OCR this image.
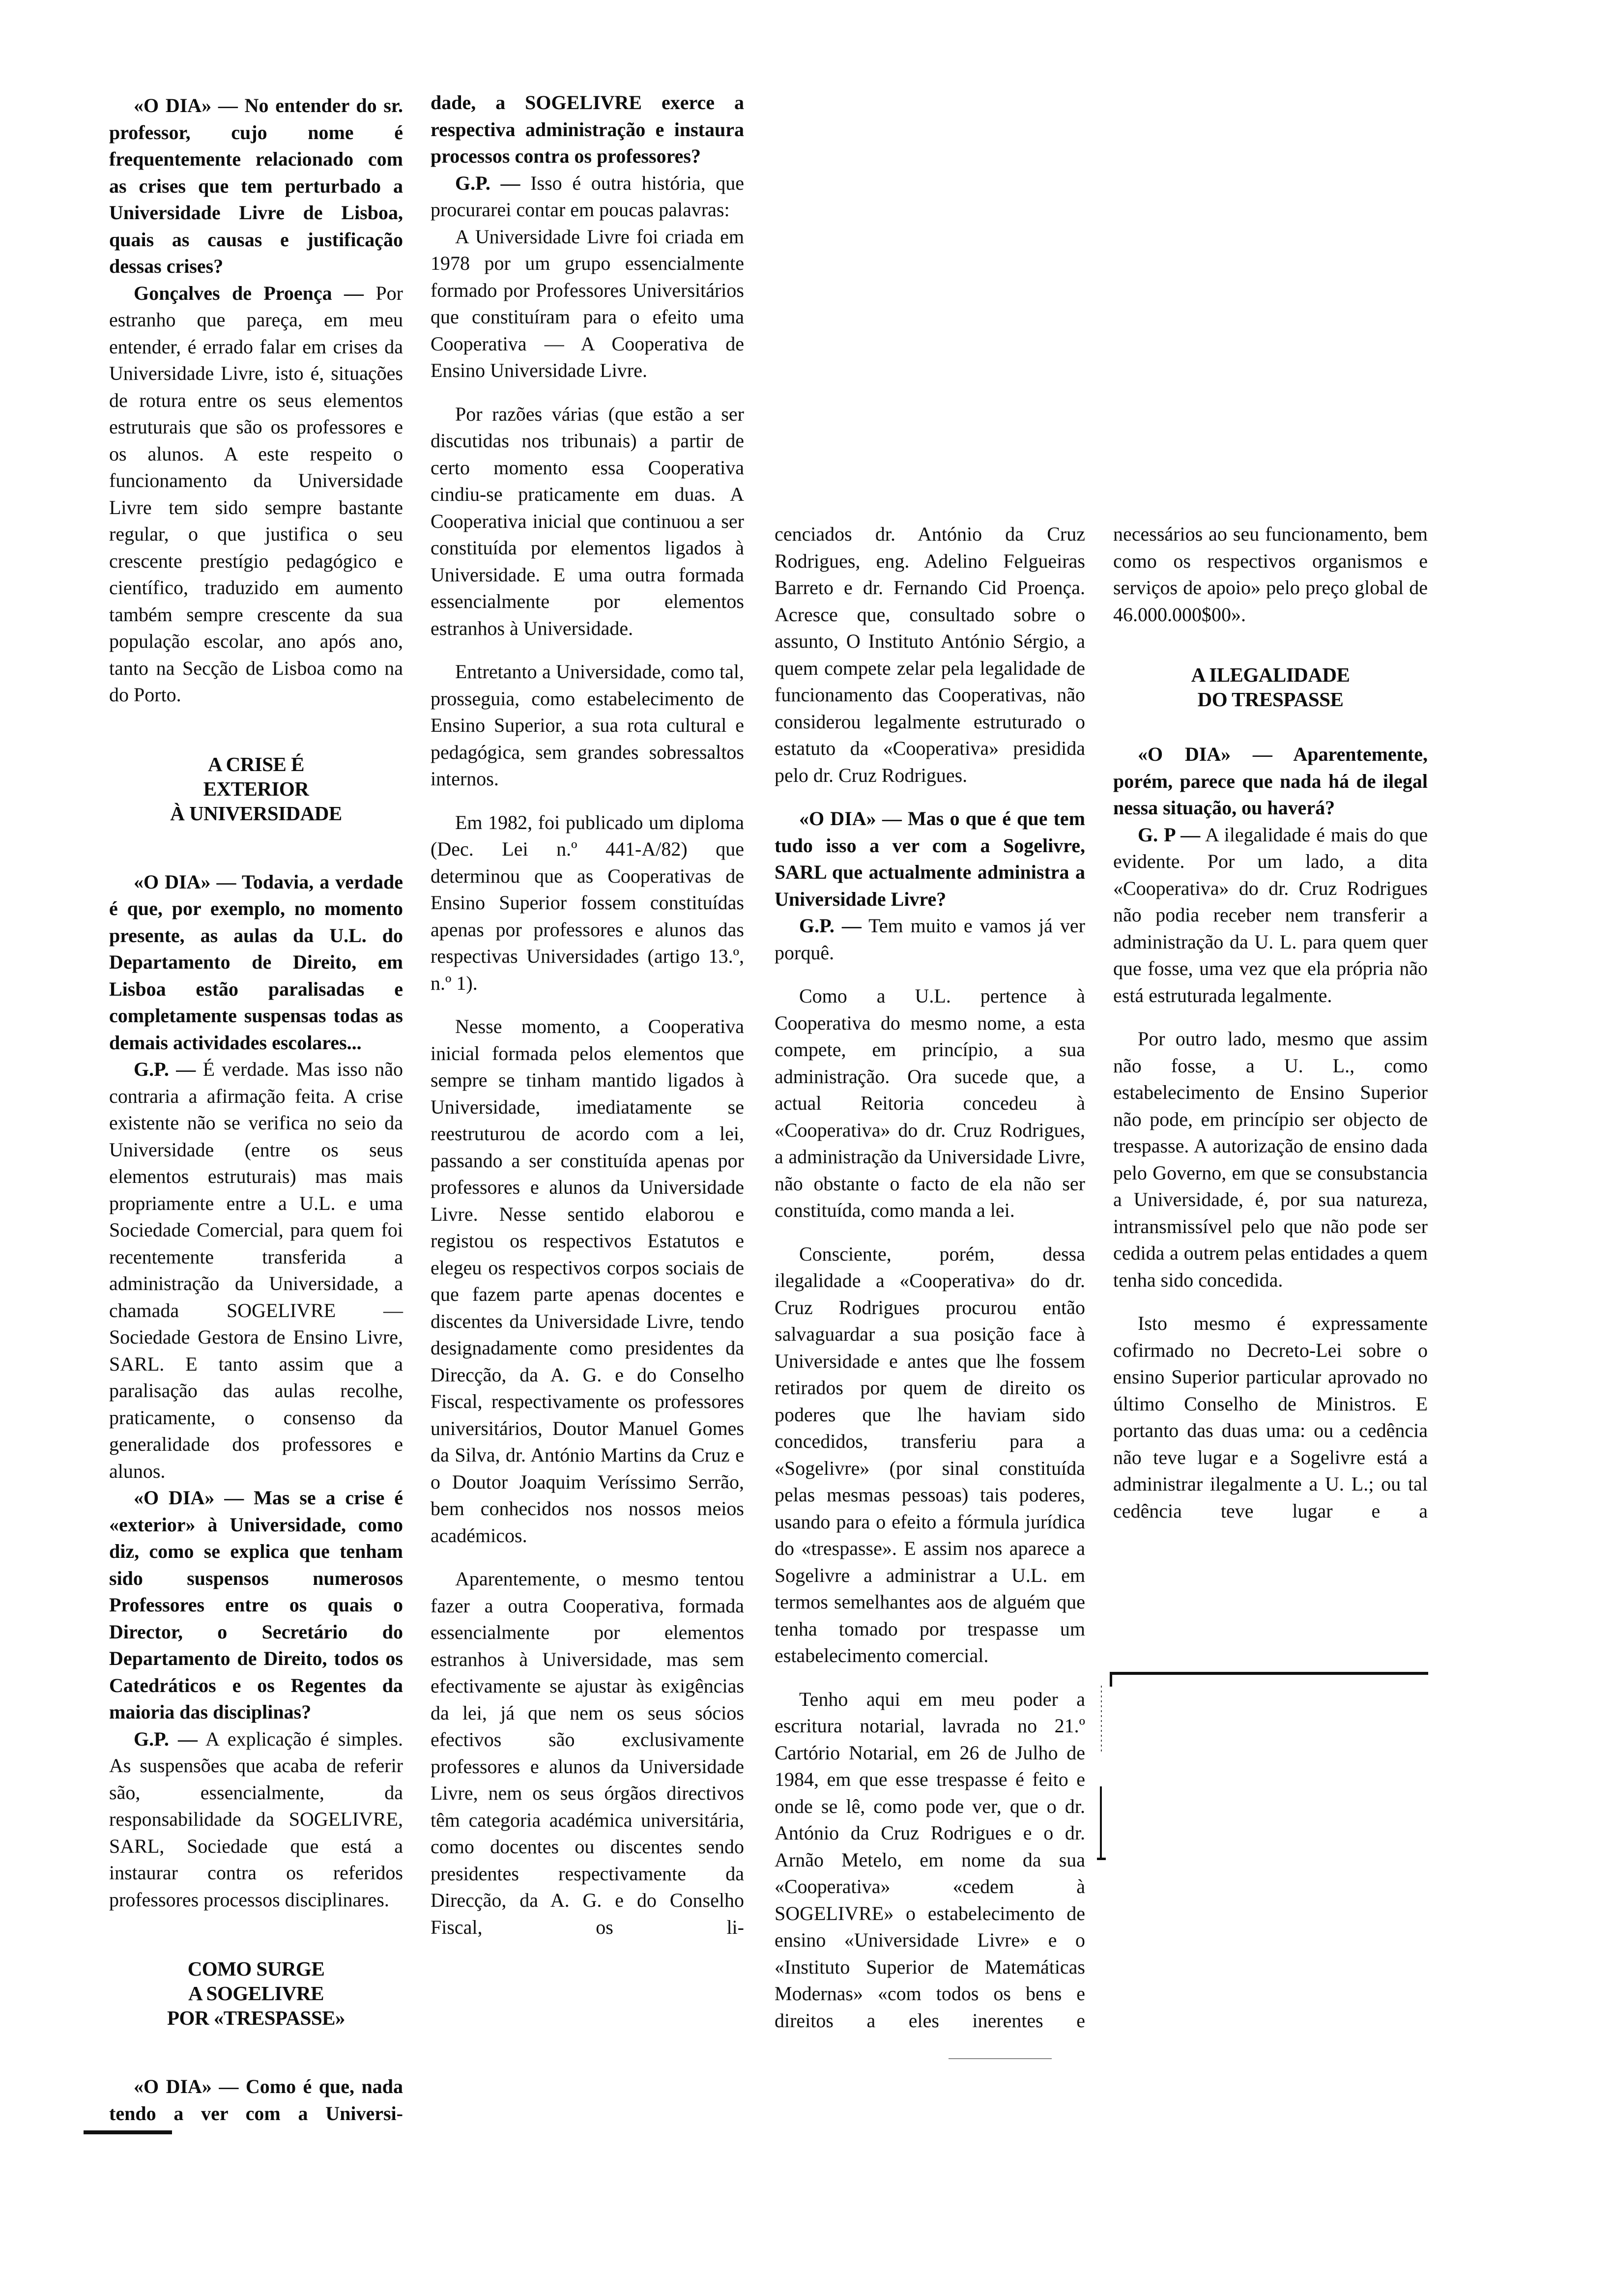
«O DIA» — No entender do sr. professor, cujo nome é frequentemente relacionado com as crises que tem perturbado a Universidade Livre de Lisboa, quais as causas e justificação dessas crises?

Gonçalves de Proença — Por estranho que pareça, em meu entender, é errado falar em crises da Universidade Livre, isto é, situações de rotura entre os seus elementos estruturais que são os professores e os alunos. A este respeito o funcionamento da Universidade Livre tem sido sempre bastante regular, o que justifica o seu crescente prestígio pedagógico e científico, traduzido em aumento também sempre crescente da sua população escolar, ano após ano, tanto na Secção de Lisboa como na do Porto.

A CRISE É
EXTERIOR
À UNIVERSIDADE

«O DIA» — Todavia, a verdade é que, por exemplo, no momento presente, as aulas da U.L. do Departamento de Direito, em Lisboa estão paralisadas e completamente suspensas todas as demais actividades escolares...

G.P. — É verdade. Mas isso não contraria a afirmação feita. A crise existente não se verifica no seio da Universidade (entre os seus elementos estruturais) mas mais propriamente entre a U.L. e uma Sociedade Comercial, para quem foi recentemente transferida a administração da Universidade, a chamada SOGELIVRE — Sociedade Gestora de Ensino Livre, SARL. E tanto assim que a paralisação das aulas recolhe, praticamente, o consenso da generalidade dos professores e alunos.

«O DIA» — Mas se a crise é «exterior» à Universidade, como diz, como se explica que tenham sido suspensos numerosos Professores entre os quais o Director, o Secretário do Departamento de Direito, todos os Catedráticos e os Regentes da maioria das disciplinas?

G.P. — A explicação é simples. As suspensões que acaba de referir são, essencialmente, da responsabilidade da SOGELIVRE, SARL, Sociedade que está a instaurar contra os referidos professores processos disciplinares.

COMO SURGE
A SOGELIVRE
POR «TRESPASSE»

«O DIA» — Como é que, nada tendo a ver com a Universi-

dade, a SOGELIVRE exerce a respectiva administração e instaura processos contra os professores?

G.P. — Isso é outra história, que procurarei contar em poucas palavras:

A Universidade Livre foi criada em 1978 por um grupo essencialmente formado por Professores Universitários que constituíram para o efeito uma Cooperativa — A Cooperativa de Ensino Universidade Livre.

Por razões várias (que estão a ser discutidas nos tribunais) a partir de certo momento essa Cooperativa cindiu-se praticamente em duas. A Cooperativa inicial que continuou a ser constituída por elementos ligados à Universidade. E uma outra formada essencialmente por elementos estranhos à Universidade.

Entretanto a Universidade, como tal, prosseguia, como estabelecimento de Ensino Superior, a sua rota cultural e pedagógica, sem grandes sobressaltos internos.

Em 1982, foi publicado um diploma (Dec. Lei n.º 441-A/82) que determinou que as Cooperativas de Ensino Superior fossem constituídas apenas por professores e alunos das respectivas Universidades (artigo 13.º, n.º 1).

Nesse momento, a Cooperativa inicial formada pelos elementos que sempre se tinham mantido ligados à Universidade, imediatamente se reestruturou de acordo com a lei, passando a ser constituída apenas por professores e alunos da Universidade Livre. Nesse sentido elaborou e registou os respectivos Estatutos e elegeu os respectivos corpos sociais de que fazem parte apenas docentes e discentes da Universidade Livre, tendo designadamente como presidentes da Direcção, da A. G. e do Conselho Fiscal, respectivamente os professores universitários, Doutor Manuel Gomes da Silva, dr. António Martins da Cruz e o Doutor Joaquim Veríssimo Serrão, bem conhecidos nos nossos meios académicos.

Aparentemente, o mesmo tentou fazer a outra Cooperativa, formada essencialmente por elementos estranhos à Universidade, mas sem efectivamente se ajustar às exigências da lei, já que nem os seus sócios efectivos são exclusivamente professores e alunos da Universidade Livre, nem os seus órgãos directivos têm categoria académica universitária, como docentes ou discentes sendo presidentes respectivamente da Direcção, da A. G. e do Conselho Fiscal, os li-

cenciados dr. António da Cruz Rodrigues, eng. Adelino Felgueiras Barreto e dr. Fernando Cid Proença. Acresce que, consultado sobre o assunto, O Instituto António Sérgio, a quem compete zelar pela legalidade de funcionamento das Cooperativas, não considerou legalmente estruturado o estatuto da «Cooperativa» presidida pelo dr. Cruz Rodrigues.

«O DIA» — Mas o que é que tem tudo isso a ver com a Sogelivre, SARL que actualmente administra a Universidade Livre?

G.P. — Tem muito e vamos já ver porquê.

Como a U.L. pertence à Cooperativa do mesmo nome, a esta compete, em princípio, a sua administração. Ora sucede que, a actual Reitoria concedeu à «Cooperativa» do dr. Cruz Rodrigues, a administração da Universidade Livre, não obstante o facto de ela não ser constituída, como manda a lei.

Consciente, porém, dessa ilegalidade a «Cooperativa» do dr. Cruz Rodrigues procurou então salvaguardar a sua posição face à Universidade e antes que lhe fossem retirados por quem de direito os poderes que lhe haviam sido concedidos, transferiu para a «Sogelivre» (por sinal constituída pelas mesmas pessoas) tais poderes, usando para o efeito a fórmula jurídica do «trespasse». E assim nos aparece a Sogelivre a administrar a U.L. em termos semelhantes aos de alguém que tenha tomado por trespasse um estabelecimento comercial.

Tenho aqui em meu poder a escritura notarial, lavrada no 21.º Cartório Notarial, em 26 de Julho de 1984, em que esse trespasse é feito e onde se lê, como pode ver, que o dr. António da Cruz Rodrigues e o dr. Arnão Metelo, em nome da sua «Cooperativa» «cedem à SOGELIVRE» o estabelecimento de ensino «Universidade Livre» e o «Instituto Superior de Matemáticas Modernas» «com todos os bens e direitos a eles inerentes e

necessários ao seu funcionamento, bem como os respectivos organismos e serviços de apoio» pelo preço global de 46.000.000$00».

A ILEGALIDADE
DO TRESPASSE

«O DIA» — Aparentemente, porém, parece que nada há de ilegal nessa situação, ou haverá?

G. P — A ilegalidade é mais do que evidente. Por um lado, a dita «Cooperativa» do dr. Cruz Rodrigues não podia receber nem transferir a administração da U. L. para quem quer que fosse, uma vez que ela própria não está estruturada legalmente.

Por outro lado, mesmo que assim não fosse, a U. L., como estabelecimento de Ensino Superior não pode, em princípio ser objecto de trespasse. A autorização de ensino dada pelo Governo, em que se consubstancia a Universidade, é, por sua natureza, intransmissível pelo que não pode ser cedida a outrem pelas entidades a quem tenha sido concedida.

Isto mesmo é expressamente cofirmado no Decreto-Lei sobre o ensino Superior particular aprovado no último Conselho de Ministros. E portanto das duas uma: ou a cedência não teve lugar e a Sogelivre está a administrar ilegalmente a U. L.; ou tal cedência teve lugar e a
